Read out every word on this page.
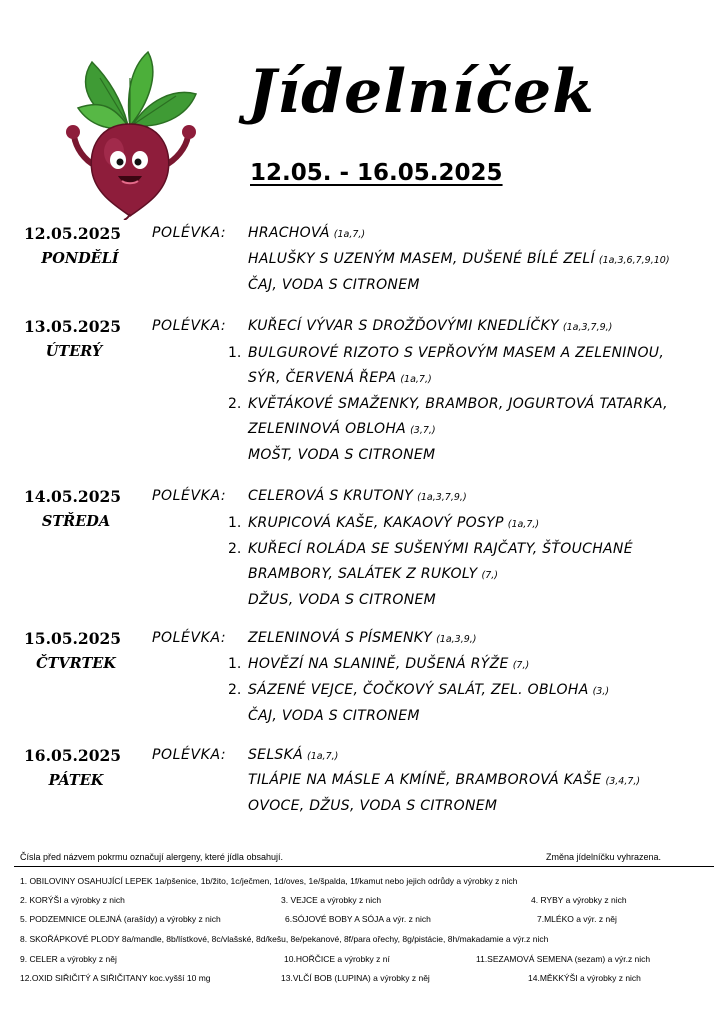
Jídelníček
12.05. - 16.05.2025
12.05.2025
PONDĚLÍ
POLÉVKA: HRACHOVÁ (1a,7,)
HALUŠKY S UZENÝM MASEM, DUŠENÉ BÍLÉ ZELÍ (1a,3,6,7,9,10)
ČAJ, VODA S CITRONEM
13.05.2025
ÚTERÝ
POLÉVKA: KUŘECÍ VÝVAR S DROŽĎOVÝMI KNEDLÍČKY (1a,3,7,9,)
1. BULGUROVÉ RIZOTO S VEPŘOVÝM MASEM A ZELENINOU,
SÝR, ČERVENÁ ŘEPA (1a,7,)
2. KVĚTÁKOVÉ SMAŽENKY, BRAMBOR, JOGURTOVÁ TATARKA,
ZELENINOVÁ OBLOHA (3,7,)
MOŠT, VODA S CITRONEM
14.05.2025
STŘEDA
POLÉVKA: CELEROVÁ S KRUTONY (1a,3,7,9,)
1. KRUPICOVÁ KAŠE, KAKAOVÝ POSYP (1a,7,)
2. KUŘECÍ ROLÁDA SE SUŠENÝMI RAJČATY, ŠŤOUCHANÉ
BRAMBORY, SALÁTEK Z RUKOLY (7,)
DŽUS, VODA S CITRONEM
15.05.2025
ČTVRTEK
POLÉVKA: ZELENINOVÁ S PÍSMENKY (1a,3,9,)
1. HOVĚZÍ NA SLANINĚ, DUŠENÁ RÝŽE (7,)
2. SÁZENÉ VEJCE, ČOČKOVÝ SALÁT, ZEL. OBLOHA (3,)
ČAJ, VODA S CITRONEM
16.05.2025
PÁTEK
POLÉVKA: SELSKÁ (1a,7,)
TILÁPIE NA MÁSLE A KMÍNĚ, BRAMBOROVÁ KAŠE (3,4,7,)
OVOCE, DŽUS, VODA S CITRONEM
Čísla před názvem pokrmu označují alergeny, které jídla obsahují.	Změna jídelníčku vyhrazena.
1. OBILOVINY OSAHUJÍCÍ LEPEK 1a/pšenice, 1b/žito, 1c/ječmen, 1d/oves, 1e/špalda, 1f/kamut nebo jejich odrůdy a výrobky z nich
2. KORÝŠI a výrobky z nich	3. VEJCE a výrobky z nich	4. RYBY a výrobky z nich
5. PODZEMNICE OLEJNÁ (arašídy) a výrobky z nich	6.SÓJOVÉ BOBY A SÓJA a výr. z nich	7.MLÉKO a výr. z něj
8. SKOŘÁPKOVÉ PLODY 8a/mandle, 8b/lístkové, 8c/vlašské, 8d/kešu, 8e/pekanové, 8f/para ořechy, 8g/pistácie, 8h/makadamie a výr.z nich
9. CELER a výrobky z něj	10.HOŘČICE a výrobky z ní	11.SEZAMOVÁ SEMENA (sezam) a výr.z nich
12.OXID SIŘIČITÝ A SIŘIČITANY koc.vyšší 10 mg	13.VLČÍ BOB (LUPINA) a výrobky z něj	14.MĚKKÝŠI a výrobky z nich
